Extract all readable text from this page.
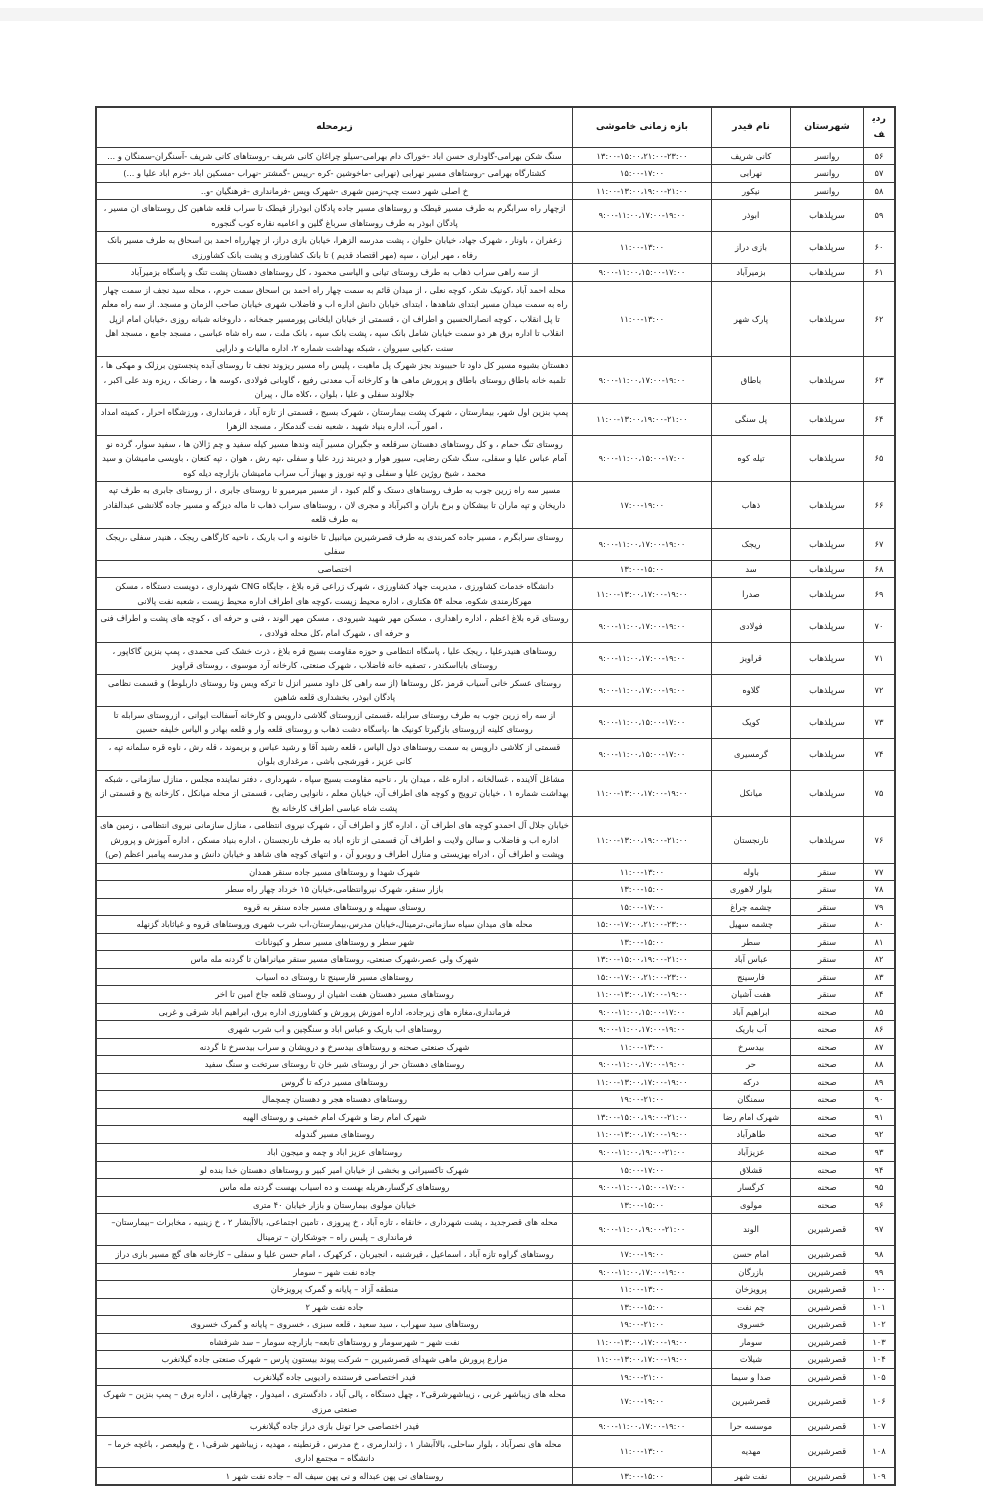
ردیف	شهرستان	نام فیدر	بازه زمانی خاموشی	زیرمحله
۵۶	روانسر	کانی شریف	۱۳:۰۰-۱۵:۰۰،۲۱:۰۰-۲۳:۰۰	سنگ شکن بهرامی-گاوداری حسن اباد -خوراک دام بهرامی-سیلو چراغان کانی شریف -روستاهای کانی شریف -آسنگران-سمنگان و ...
۵۷	روانسر	نهرابی	۱۵:۰۰-۱۷:۰۰	کشتارگاه بهرامی -روستاهای مسیر نهرابی (نهرابی -ماخوشین -کره -رییس -گمشتر -نهراب -مسکین اباد -خرم اباد علیا و ...)
۵۸	روانسر	نیکور	۱۱:۰۰-۱۳:۰۰،۱۹:۰۰-۲۱:۰۰	خ اصلی شهر دست چپ-زمین شهری -شهرک ویس -فرمانداری -فرهنگیان -و..
۵۹	سرپلذهاب	ابوذر	۹:۰۰-۱۱:۰۰،۱۷:۰۰-۱۹:۰۰	ازچهار راه سرابگرم به طرف مسیر قیطک و روستاهای مسیر جاده پادگان ابوذراز قیطک تا سراب قلعه شاهین کل روستاهای ان مسیر ، پادگان ابوذر به طرف روستاهای سرباغ گلین و اعامیه نقاره کوب گنجوره
۶۰	سرپلذهاب	بازی دراز	۱۱:۰۰-۱۳:۰۰	زعفران ، باونار ، شهرک جهاد، خیابان حلوان ، پشت مدرسه الزهرا، خیابان بازی دراز، از چهارراه احمد بن اسحاق به طرف مسیر بانک رفاه ، مهر ایران ، سپه (مهر اقتصاد قدیم ) تا بانک کشاورزی و پشت بانک کشاورزی
۶۱	سرپلذهاب	بزمیرآباد	۹:۰۰-۱۱:۰۰،۱۵:۰۰-۱۷:۰۰	از سه راهی سراب ذهاب به طرف روستای تیانی و الیاسی محمود ، کل روستاهای دهستان پشت تنگ و پاسگاه بزمیرآباد
۶۲	سرپلذهاب	پارک شهر	۱۱:۰۰-۱۳:۰۰	محله احمد آباد ،کونیک شکر، کوچه نعلی ، از میدان قائم به سمت چهار راه احمد بن اسحاق سمت حرم، ، محله سید نجف از سمت چهار راه به سمت میدان مسیر ابتدای شاهدها ، ابتدای خیابان دانش اداره اب و فاضلاب شهری خیابان صاحب الزمان و مسجد. از سه راه معلم تا پل انقلاب ، کوچه انصارالحسین و اطراف ان ، قسمتی از خیابان ایلخانی پورمسیر جمخانه ، داروخانه شبانه روزی ،خیابان امام ازپل انقلاب تا اداره برق هر دو سمت خیابان شامل بانک سپه ، پشت بانک سپه ، بانک ملت ، سه راه شاه عباسی ، مسجد جامع ، مسجد اهل سنت ،کبابی سیروان ، شبکه بهداشت شماره ۲، اداره مالیات و دارایی
۶۳	سرپلذهاب	باطاق	۹:۰۰-۱۱:۰۰،۱۷:۰۰-۱۹:۰۰	دهستان بشیوه مسیر کل داود تا حبیبوند بجز شهرک پل ماهیت ، پلیس راه مسیر ریزوند نجف تا روستای آبده پنجستون برزلک و مهکی ها ، تلمبه خانه باطاق روستای باطاق و پرورش ماهی ها و کارخانه آب معدنی رفیع ، گاوبانی فولادی ،کوسه ها ، رضانک ، ریزه وند علی اکبر ، جلالوند سفلی و علیا ، بلوان ، ،کلاه مال ، پیران
۶۴	سرپلذهاب	پل سنگی	۱۱:۰۰-۱۳:۰۰،۱۹:۰۰-۲۱:۰۰	پمپ بنزین اول شهر، بیمارستان ، شهرک پشت بیمارستان ، شهرک بسیج ، قسمتی از تازه آباد ، فرمانداری ، ورزشگاه احرار ، کمیته امداد ، امور آب، اداره بنیاد شهید ، شعبه نفت گندمکار ، مسجد الزهرا
۶۵	سرپلذهاب	تیله کوه	۹:۰۰-۱۱:۰۰،۱۵:۰۰-۱۷:۰۰	روستای تنگ حمام ، و کل روستاهای دهستان سرقلعه و جگیران مسیر آینه وندها مسیر کیله سفید و چم ژالان ها ، سفید سوار، گرده نو آمام عباس علیا و سفلی، سنگ شکن رضایی، سیور هوار و دیربند زرد علیا و سفلی ،تپه رش ، هوان ، تپه کنعان ، باویسی مامیشان و سید محمد ، شیخ روژین علیا و سفلی و تپه نوروز و بهیاز آب سراب مامیشان بازارچه دیله کوه
۶۶	سرپلذهاب	ذهاب	۱۷:۰۰-۱۹:۰۰	مسیر سه راه زرین جوب به طرف روستاهای دستک و گلم کبود ، از مسیر میرمیرو تا روستای جابری ، از روستای جابری به طرف تپه داریخان و تپه ماران تا بیشکان و برخ باران و اکبرآباد و مجری لان ، روستاهای سراب ذهاب تا ماله دیزگه و مسیر جاده گلانشی عبدالقادر به طرف قلعه
۶۷	سرپلذهاب	ریجک	۹:۰۰-۱۱:۰۰،۱۷:۰۰-۱۹:۰۰	روستای سرابگرم ، مسیر جاده کمربندی به طرف قصرشیرین میانبیل تا خانونه و اب باریک ، ناحیه کارگاهی ریجک ، هنیدر سفلی ،ریجک سفلی
۶۸	سرپلذهاب	سد	۱۳:۰۰-۱۵:۰۰	اختصاصی
۶۹	سرپلذهاب	صدرا	۱۱:۰۰-۱۳:۰۰،۱۷:۰۰-۱۹:۰۰	دانشگاه خدمات کشاورزی ، مدیریت جهاد کشاورزی ، شهرک زراعی قره بلاغ ، جایگاه CNG شهرداری ، دویست دستگاه ، مسکن مهرکارمندی شکوه، محله ۵۴ هکتاری ، اداره محیط زیست ،کوچه های اطراف اداره محیط زیست ، شعبه نفت پالانی
۷۰	سرپلذهاب	فولادی	۹:۰۰-۱۱:۰۰،۱۷:۰۰-۱۹:۰۰	روستای قره بلاغ اعظم ، اداره راهداری ، مسکن مهر شهید شیرودی ، مسکن مهر الوند ، فنی و حرفه ای ، کوچه های پشت و اطراف فنی و حرفه ای ، شهرک امام ،کل محله فولادی ،
۷۱	سرپلذهاب	قراویز	۹:۰۰-۱۱:۰۰،۱۷:۰۰-۱۹:۰۰	روستاهای هنیدرعلیا ، ریجک علیا ، پاسگاه انتظامی و حوزه مقاومت بسیج قره بلاغ ، ذرت خشک کنی محمدی ، پمپ بنزین گاکاپور ، روستای بابااسکندر ، تصفیه خانه فاضلاب ، شهرک صنعتی، کارخانه آرد موسوی ، روستای قراویز
۷۲	سرپلذهاب	گلاوه	۹:۰۰-۱۱:۰۰،۱۷:۰۰-۱۹:۰۰	روستای عسکر خانی آسیاب قرمز ،کل روستاها (از سه راهی کل داود مسیر انزل تا ترکه ویس وتا روستای داربلوط) و قسمت نظامی پادگان ابوذر، بخشداری قلعه شاهین
۷۳	سرپلذهاب	کویک	۹:۰۰-۱۱:۰۰،۱۵:۰۰-۱۷:۰۰	از سه راه زرین جوب به طرف روستای سرابله ،قسمتی ازروستای گلاشی دارویس و کارخانه آسفالت ایوانی ، ازروستای سرابله تا روستای کلینه ازروستای بازگیرتا کونیک ها ،پاسگاه دشت ذهاب و روستای قلعه وار و قلعه بهادر و الیاس خلیفه حسین
۷۴	سرپلذهاب	گرمسیری	۹:۰۰-۱۱:۰۰،۱۵:۰۰-۱۷:۰۰	قسمتی از کلاشی دارویس به سمت روستاهای دول الیاس ، قلعه رشید آقا و رشید عباس و بریموند ، قله رش ، ناوه قره سلمانه تپه ، کانی عزیز ، قورشجی باشی ، مرغداری بلوان
۷۵	سرپلذهاب	میانکل	۱۱:۰۰-۱۳:۰۰،۱۷:۰۰-۱۹:۰۰	مشاغل آلاینده ، غسالخانه ، اداره غله ، میدان بار ، ناحیه مقاومت بسیج سپاه ، شهرداری ، دفتر نماینده مجلس ، منازل سازمانی ، شبکه بهداشت شماره ۱ ، خیابان ترویج و کوچه های اطراف آن، خیابان معلم ، نانوایی رضایی ، قسمتی از محله میانکل ، کارخانه یخ و قسمتی از پشت شاه عباسی اطراف کارخانه یخ
۷۶	سرپلذهاب	نارنجستان	۱۱:۰۰-۱۳:۰۰،۱۹:۰۰-۲۱:۰۰	خیابان جلال آل احمدو کوچه های اطراف آن ، اداره گاز و اطراف آن ، شهرک نیروی انتظامی ، منازل سازمانی نیروی انتظامی ، زمین های اداره اب و فاضلاب و سالن ولایت و اطراف آن قسمتی از تازه اباد به طرف نارنجستان ، اداره بنیاد مسکن ، اداره آموزش و پرورش وپشت و اطراف آن ، ادراه بهزیستی و منازل اطراف و روبرو آن ، و انتهای کوچه های شاهد و خیابان دانش و مدرسه پیامبر اعظم (ص)
۷۷	سنقر	باوله	۱۱:۰۰-۱۳:۰۰	شهرک شهدا و روستاهای مسیر جاده سنقر همدان
۷۸	سنقر	بلوار لاهوری	۱۳:۰۰-۱۵:۰۰	بازار سنقر، شهرک نیروانتظامی،خیابان ۱۵ خرداد چهار راه سطر
۷۹	سنقر	چشمه چراغ	۱۵:۰۰-۱۷:۰۰	روستای سهیله و روستاهای مسیر جاده سنقر به قروه
۸۰	سنقر	چشمه سهیل	۱۵:۰۰-۱۷:۰۰،۲۱:۰۰-۲۳:۰۰	محله های میدان سیاه سازمانی،ترمینال،خیابان مدرس،بیمارستان،اب شرب شهری وروستاهای قروه و غیاثاباد گزنهله
۸۱	سنقر	سطر	۱۳:۰۰-۱۵:۰۰	شهر سطر و روستاهای مسیر سطر و کیونانات
۸۲	سنقر	عباس آباد	۱۳:۰۰-۱۵:۰۰،۱۹:۰۰-۲۱:۰۰	شهرک ولی عصر،شهرک صنعتی، روستاهای مسیر سنقر میانراهان تا گردنه مله ماس
۸۳	سنقر	فارسینج	۱۵:۰۰-۱۷:۰۰،۲۱:۰۰-۲۳:۰۰	روستاهای مسیر فارسینج تا روستای ده اسیاب
۸۴	سنقر	هفت آشیان	۱۱:۰۰-۱۳:۰۰،۱۷:۰۰-۱۹:۰۰	روستاهای مسیر دهستان هفت اشیان از روستای قلعه جاخ امین تا اخر
۸۵	صحنه	ابراهیم آباد	۹:۰۰-۱۱:۰۰،۱۵:۰۰-۱۷:۰۰	فرمانداری،مغازه های زیرجاده، اداره اموزش پرورش و کشاورزی اداره برق، ابراهیم اباد شرقی و غربی
۸۶	صحنه	آب باریک	۹:۰۰-۱۱:۰۰،۱۷:۰۰-۱۹:۰۰	روستاهای اب باریک و عباس اباد و سنگچین و اب شرب شهری
۸۷	صحنه	بیدسرخ	۱۱:۰۰-۱۳:۰۰	شهرک صنعتی صحنه و روستاهای بیدسرخ و درویشان و سراب بیدسرخ تا گردنه
۸۸	صحنه	حر	۹:۰۰-۱۱:۰۰،۱۷:۰۰-۱۹:۰۰	روستاهای دهستان حر از روستای شیر خان تا روستای سرتخت و سنگ سفید
۸۹	صحنه	درکه	۱۱:۰۰-۱۳:۰۰،۱۷:۰۰-۱۹:۰۰	روستاهای مسیر درکه تا گروس
۹۰	صحنه	سمنگان	۱۹:۰۰-۲۱:۰۰	روستاهای دهستاه هجر و دهستان چمچمال
۹۱	صحنه	شهرک امام رضا	۱۳:۰۰-۱۵:۰۰،۱۹:۰۰-۲۱:۰۰	شهرک امام رضا و شهرک امام خمینی و روستای الهیه
۹۲	صحنه	طاهرآباد	۱۱:۰۰-۱۳:۰۰،۱۷:۰۰-۱۹:۰۰	روستاهای مسیر گندوله
۹۳	صحنه	عزیزآباد	۹:۰۰-۱۱:۰۰،۱۹:۰۰-۲۱:۰۰	روستاهای عزیز اباد و چمه و میجون اباد
۹۴	صحنه	قشلاق	۱۵:۰۰-۱۷:۰۰	شهرک تاکسیرانی و بخشی از خیابان امیر کبیر و روستاهای دهستان خدا بنده لو
۹۵	صحنه	کرگسار	۹:۰۰-۱۱:۰۰،۱۵:۰۰-۱۷:۰۰	روستاهای کرگسار،هریله بهست و ده اسیاب بهست گردنه مله ماس
۹۶	صحنه	مولوی	۱۳:۰۰-۱۵:۰۰	خیابان مولوی بیمارستان و بازار خیابان ۴۰ متری
۹۷	قصرشیرین	الوند	۹:۰۰-۱۱:۰۰،۱۹:۰۰-۲۱:۰۰	محله های قصرجدید ، پشت شهرداری ، خانقاه ، تازه آباد ، خ پیروزی ، تامین اجتماعی، بالاآبشار ۲ ، خ زینبیه ، مخابرات –بیمارستان– فرمانداری – پلیس راه – جوشکاران – ترمینال
۹۸	قصرشیرین	امام حسن	۱۷:۰۰-۱۹:۰۰	روستاهای گراوه تازه آباد ، اسماعیل ، قیرشنبه ، انجیربان ، کرکهرک ، امام حسن علیا و سفلی – کارخانه های گچ مسیر بازی دراز
۹۹	قصرشیرین	بازرگان	۹:۰۰-۱۱:۰۰،۱۷:۰۰-۱۹:۰۰	جاده نفت شهر – سومار
۱۰۰	قصرشیرین	پرویزخان	۱۱:۰۰-۱۳:۰۰	منطقه آزاد – پایانه و گمرک پرویزخان
۱۰۱	قصرشیرین	چم نفت	۱۳:۰۰-۱۵:۰۰	جاده نفت شهر ۲
۱۰۲	قصرشیرین	خسروی	۱۹:۰۰-۲۱:۰۰	روستاهای سید سهراب ، سید سعید ، قلعه سبزی ، خسروی – پایانه و گمرک خسروی
۱۰۳	قصرشیرین	سومار	۱۱:۰۰-۱۳:۰۰،۱۷:۰۰-۱۹:۰۰	نفت شهر – شهرسومار و روستاهای تابعه– بازارچه سومار – سد شرفشاه
۱۰۴	قصرشیرین	شیلات	۱۱:۰۰-۱۳:۰۰،۱۷:۰۰-۱۹:۰۰	مزارع پرورش ماهی شهدای قصرشیرین – شرکت پیوند بیستون پارس – شهرک صنعتی جاده گیلانغرب
۱۰۵	قصرشیرین	صدا و سیما	۱۹:۰۰-۲۱:۰۰	فیدر اختصاصی فرستنده رادیویی جاده گیلانغرب
۱۰۶	قصرشیرین	قصرشیرین	۱۷:۰۰-۱۹:۰۰	محله های زیباشهر غربی ، زیباشهرشرقی۲ ، چهل دستگاه ، پالی آباد ، دادگستری ، امیدوار ، چهارقاپی ، اداره برق – پمپ بنزین – شهرک صنعتی مرزی
۱۰۷	قصرشیرین	موسسه حرا	۹:۰۰-۱۱:۰۰،۱۷:۰۰-۱۹:۰۰	فیدر اختصاصی حرا تونل بازی دراز جاده گیلانغرب
۱۰۸	قصرشیرین	مهدیه	۱۱:۰۰-۱۳:۰۰	محله های نصرآباد ، بلوار ساحلی، بالاآبشار ۱ ، ژاندارمری ، خ مدرس ، قرنطینه ، مهدیه ، زیباشهر شرقی۱ ، خ ولیعصر ، باغچه خرما – دانشگاه – مجتمع اداری
۱۰۹	قصرشیرین	نفت شهر	۱۳:۰۰-۱۵:۰۰	روستاهای نی پهن عبداله و نی پهن سیف اله – جاده نفت شهر ۱
